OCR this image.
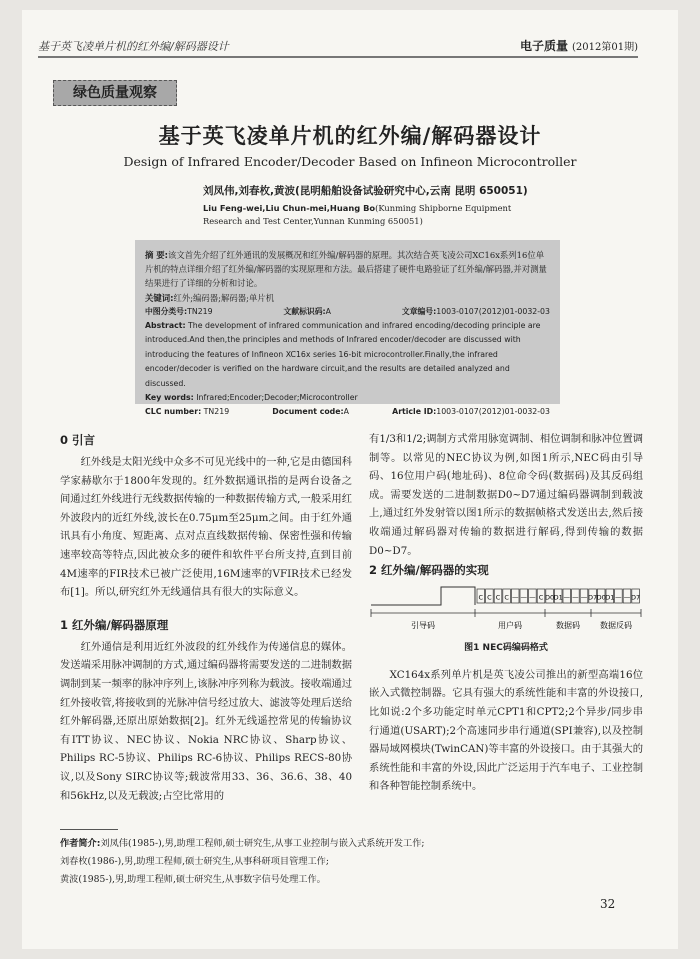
基于英飞凌单片机的红外编/解码器设计	电子质量 (2012第01期)
绿色质量观察
基于英飞凌单片机的红外编/解码器设计
Design of Infrared Encoder/Decoder Based on Infineon Microcontroller
刘凤伟,刘春枚,黄波(昆明船舶设备试验研究中心,云南 昆明 650051)
Liu Feng-wei,Liu Chun-mei,Huang Bo(Kunming Shipborne Equipment Research and Test Center,Yunnan Kunming 650051)
摘 要:该文首先介绍了红外通讯的发展概况和红外编/解码器的原理。其次结合英飞凌公司XC16x系列16位单片机的特点详细介绍了红外编/解码器的实现原理和方法。最后搭建了硬件电路验证了红外编/解码器,并对测量结果进行了详细的分析和讨论。
关键词:红外;编码器;解码器;单片机
中图分类号:TN219	文献标识码:A	文章编号:1003-0107(2012)01-0032-03
Abstract: The development of infrared communication and infrared encoding/decoding principle are introduced.And then,the principles and methods of Infrared encoder/decoder are discussed with introducing the features of Infineon XC16x series 16-bit microcontroller.Finally,the infrared encoder/decoder is verified on the hardware circuit,and the results are detailed analyzed and discussed.
Key words: Infrared;Encoder;Decoder;Microcontroller
CLC number: TN219	Document code:A	Article ID:1003-0107(2012)01-0032-03
0 引言

红外线是太阳光线中众多不可见光线中的一种,它是由德国科学家赫歇尔于1800年发现的。红外数据通讯指的是两台设备之间通过红外线进行无线数据传输的一种数据传输方式,一般采用红外波段内的近红外线,波长在0.75μm至25μm之间。由于红外通讯具有小角度、短距离、点对点直线数据传输、保密性强和传输速率较高等特点,因此被众多的硬件和软件平台所支持,直到目前4M速率的FIR技术已被广泛使用,16M速率的VFIR技术已经发布[1]。所以,研究红外无线通信具有很大的实际意义。

1 红外编/解码器原理

红外通信是利用近红外波段的红外线作为传递信息的媒体。发送端采用脉冲调制的方式,通过编码器将需要发送的二进制数据调制到某一频率的脉冲序列上,该脉冲序列称为载波。接收端通过红外接收管,将接收到的光脉冲信号经过放大、滤波等处理后送给红外解码器,还原出原始数据[2]。红外无线遥控常见的传输协议有ITT协议、NEC协议、Nokia NRC协议、Sharp协议、Philips RC-5协议、Philips RC-6协议、Philips RECS-80协议,以及Sony SIRC协议等;载波常用33、36、36.6、38、40和56kHz,以及无载波;占空比常用的

有1/3和1/2;调制方式常用脉宽调制、相位调制和脉冲位置调制等。以常见的NEC协议为例,如图1所示,NEC码由引导码、16位用户码(地址码)、8位命令码(数据码)及其反码组成。需要发送的二进制数据D0~D7通过编码器调制到载波上,通过红外发射管以图1所示的数据帧格式发送出去,然后接收端通过解码器对传输的数据进行解码,得到传输的数据D0~D7。

2 红外编/解码器的实现
C C C C — — — C D0 D1 — — — D7 D0 D1 — — D7
引导码	用户码	数据码	数据反码
图1 NEC码编码格式

XC164x系列单片机是英飞凌公司推出的新型高端16位嵌入式微控制器。它具有强大的系统性能和丰富的外设接口,比如说:2个多功能定时单元CPT1和CPT2;2个异步/同步串行通道(USART);2个高速同步串行通道(SPI兼容),以及控制器局域网模块(TwinCAN)等丰富的外设接口。由于其强大的系统性能和丰富的外设,因此广泛运用于汽车电子、工业控制和各种智能控制系统中。

作者简介:刘凤伟(1985-),男,助理工程师,硕士研究生,从事工业控制与嵌入式系统开发工作;
刘春枚(1986-),男,助理工程师,硕士研究生,从事科研项目管理工作;
黄波(1985-),男,助理工程师,硕士研究生,从事数字信号处理工作。
32
